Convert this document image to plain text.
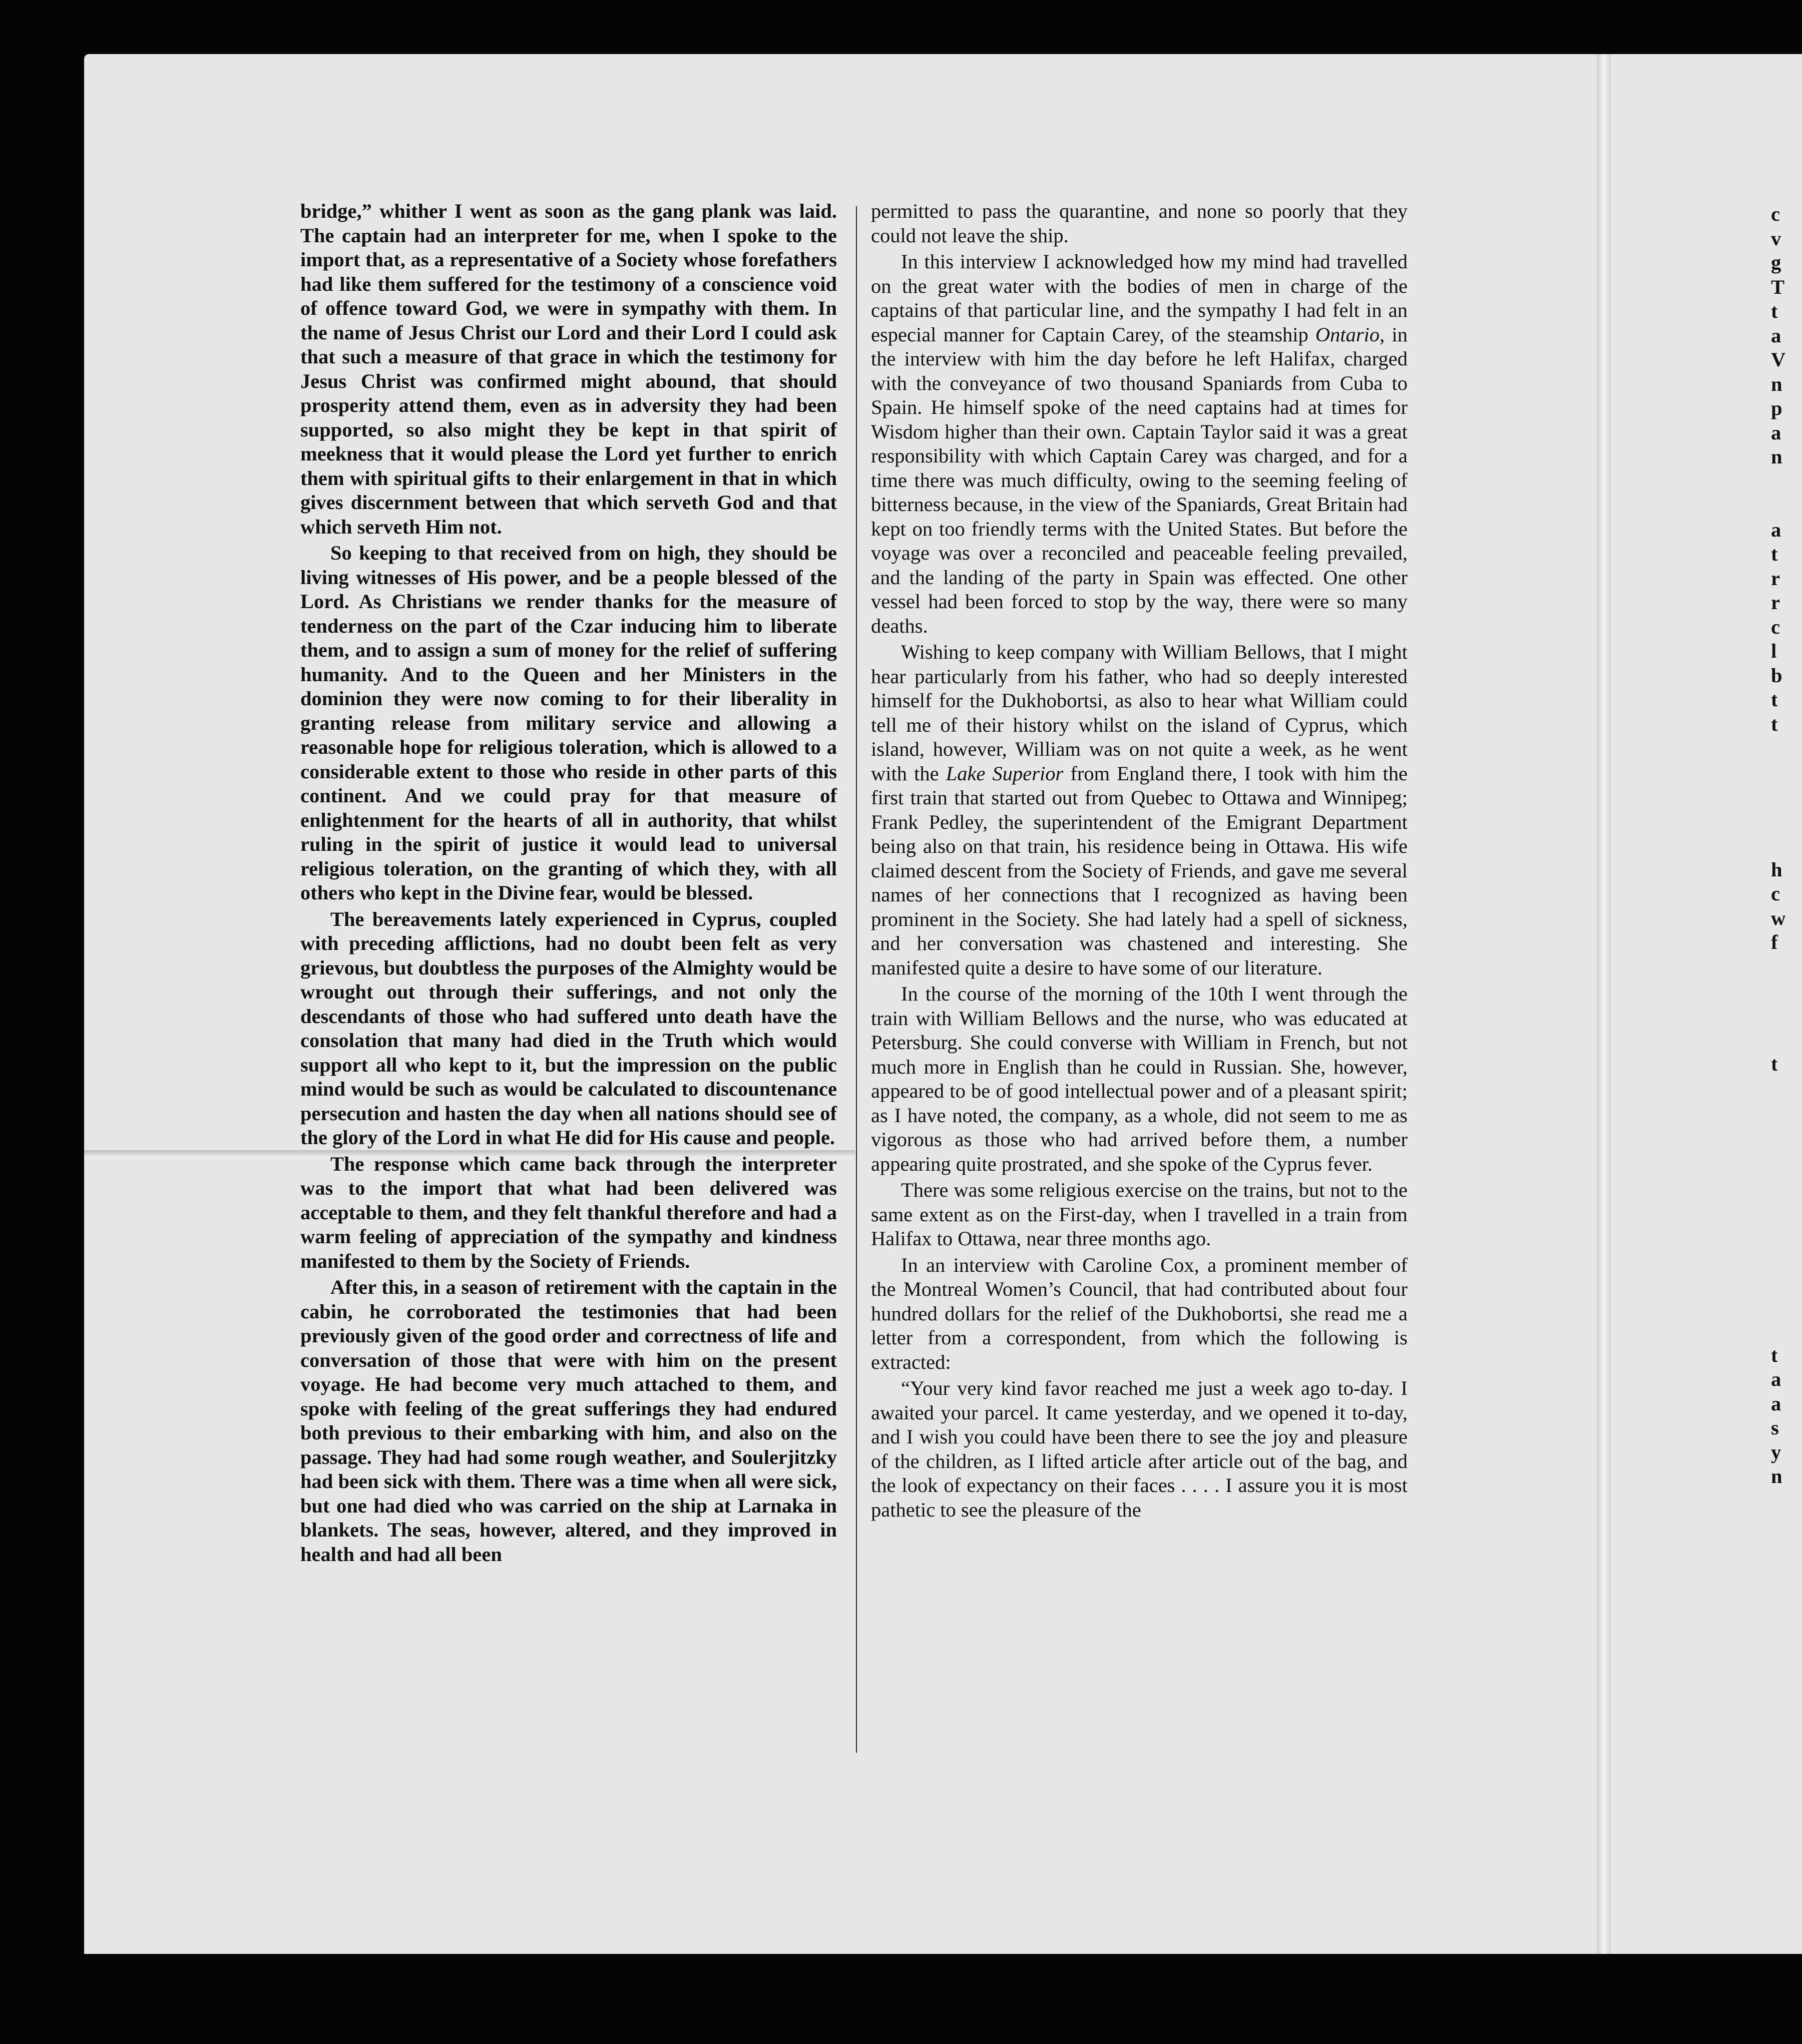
bridge,” whither I went as soon as the gang plank was laid. The captain had an interpreter for me, when I spoke to the import that, as a representative of a Society whose forefathers had like them suffered for the testimony of a conscience void of offence toward God, we were in sympathy with them. In the name of Jesus Christ our Lord and their Lord I could ask that such a measure of that grace in which the testimony for Jesus Christ was confirmed might abound, that should prosperity attend them, even as in adversity they had been supported, so also might they be kept in that spirit of meekness that it would please the Lord yet further to enrich them with spiritual gifts to their enlargement in that in which gives discernment between that which serveth God and that which serveth Him not.

So keeping to that received from on high, they should be living witnesses of His power, and be a people blessed of the Lord. As Christians we render thanks for the measure of tenderness on the part of the Czar inducing him to liberate them, and to assign a sum of money for the relief of suffering humanity. And to the Queen and her Ministers in the dominion they were now coming to for their liberality in granting release from military service and allowing a reasonable hope for religious toleration, which is allowed to a considerable extent to those who reside in other parts of this continent. And we could pray for that measure of enlightenment for the hearts of all in authority, that whilst ruling in the spirit of justice it would lead to universal religious toleration, on the granting of which they, with all others who kept in the Divine fear, would be blessed.

The bereavements lately experienced in Cyprus, coupled with preceding afflictions, had no doubt been felt as very grievous, but doubtless the purposes of the Almighty would be wrought out through their sufferings, and not only the descendants of those who had suffered unto death have the consolation that many had died in the Truth which would support all who kept to it, but the impression on the public mind would be such as would be calculated to discountenance persecution and hasten the day when all nations should see of the glory of the Lord in what He did for His cause and people.

The response which came back through the interpreter was to the import that what had been delivered was acceptable to them, and they felt thankful therefore and had a warm feeling of appreciation of the sympathy and kindness manifested to them by the Society of Friends.

After this, in a season of retirement with the captain in the cabin, he corroborated the testimonies that had been previously given of the good order and correctness of life and conversation of those that were with him on the present voyage. He had become very much attached to them, and spoke with feeling of the great sufferings they had endured both previous to their embarking with him, and also on the passage. They had had some rough weather, and Soulerjitzky had been sick with them. There was a time when all were sick, but one had died who was carried on the ship at Larnaka in blankets. The seas, however, altered, and they improved in health and had all been

permitted to pass the quarantine, and none so poorly that they could not leave the ship.

In this interview I acknowledged how my mind had travelled on the great water with the bodies of men in charge of the captains of that particular line, and the sympathy I had felt in an especial manner for Captain Carey, of the steamship Ontario, in the interview with him the day before he left Halifax, charged with the conveyance of two thousand Spaniards from Cuba to Spain. He himself spoke of the need captains had at times for Wisdom higher than their own. Captain Taylor said it was a great responsibility with which Captain Carey was charged, and for a time there was much difficulty, owing to the seeming feeling of bitterness because, in the view of the Spaniards, Great Britain had kept on too friendly terms with the United States. But before the voyage was over a reconciled and peaceable feeling prevailed, and the landing of the party in Spain was effected. One other vessel had been forced to stop by the way, there were so many deaths.

Wishing to keep company with William Bellows, that I might hear particularly from his father, who had so deeply interested himself for the Dukhobortsi, as also to hear what William could tell me of their history whilst on the island of Cyprus, which island, however, William was on not quite a week, as he went with the Lake Superior from England there, I took with him the first train that started out from Quebec to Ottawa and Winnipeg; Frank Pedley, the superintendent of the Emigrant Department being also on that train, his residence being in Ottawa. His wife claimed descent from the Society of Friends, and gave me several names of her connections that I recognized as having been prominent in the Society. She had lately had a spell of sickness, and her conversation was chastened and interesting. She manifested quite a desire to have some of our literature.

In the course of the morning of the 10th I went through the train with William Bellows and the nurse, who was educated at Petersburg. She could converse with William in French, but not much more in English than he could in Russian. She, however, appeared to be of good intellectual power and of a pleasant spirit; as I have noted, the company, as a whole, did not seem to me as vigorous as those who had arrived before them, a number appearing quite prostrated, and she spoke of the Cyprus fever.

There was some religious exercise on the trains, but not to the same extent as on the First-day, when I travelled in a train from Halifax to Ottawa, near three months ago.

In an interview with Caroline Cox, a prominent member of the Montreal Women’s Council, that had contributed about four hundred dollars for the relief of the Dukhobortsi, she read me a letter from a correspondent, from which the following is extracted:

“Your very kind favor reached me just a week ago to-day. I awaited your parcel. It came yesterday, and we opened it to-day, and I wish you could have been there to see the joy and pleasure of the children, as I lifted article after article out of the bag, and the look of expectancy on their faces . . . . I assure you it is most pathetic to see the pleasure of the

c
v
g
T
t
a
V
n
p
a
n
a
t
r
r
c
l
b
t
t
h
c
w
f
t
t
a
a
s
y
n
